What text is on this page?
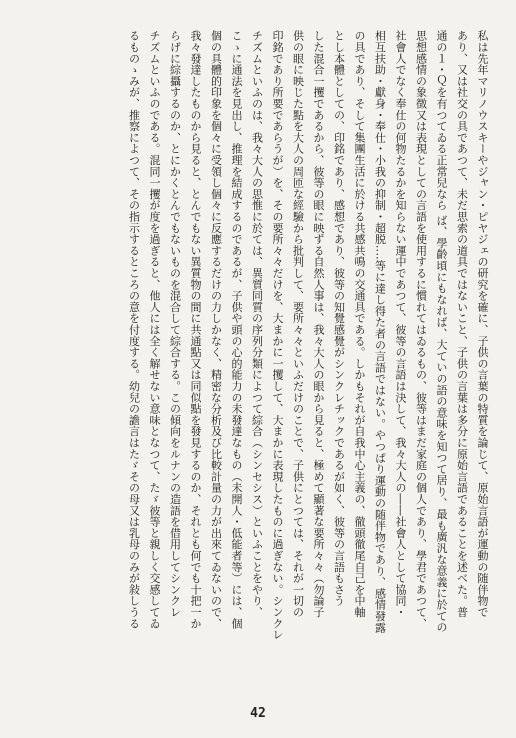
私は先年マリノウスキーやジャン・ピヤジェの研究を確に、子供の言葉の特質を論じて、原始言語が運動の随伴物で
あり、又は社交の具であつて、未だ思索の道具ではないこと、子供の言葉は多分に原始言語であることを述べた。普
通の１・Ｑを有つてゐる正常兒なら ば、學齡頃にもなれば、大ていの語の意味を知つて居り、最も廣汎な意義に於ての
思想感情の象徴又は表現としての言語を使用するに慣れてはゐるもの、彼等はまだ家庭の個人であり、學君であつて、
社會人でなく奉仕の何物たるかを知らない運中であつて、彼等の言語は決して、我々大人の――社會人として協同・
相互扶助・獻身・奉仕・小我の抑制・超脱‥‥等に達し得た者の言語ではない。やつぱり運動の随伴物であり、感情發露
の具であり、そして集團生活に於ける共感共鳴の交通具である。しかもそれが自我中心主義の、徹頭徹尾自己を中軸
とし本體としての、印銘であり、感想であり、彼等の知覺感覺がシンクレチックであるが如く、彼等の言語もさう
した混合一攫であるから、彼等の眼に映ずる自然人事は、我々大人の眼から見ると、極めて顯著な要所々々（勿論子
供の眼に映じた點を大人の周匝な經驗から批判して、要所々々といふだけのことで、子供にとつては、それが一切の
印銘であり所要であらうが）を、その要所々々だけを、大まかに一攫して、大まかに表現したものに過ぎない。シンクレ
チズムといふのは、我々大人の思惟に於ては、異質同質の序列分類によつて綜合（シンセシス）といふことをやり、
こゝに通法を見出し、推理を結成するのであるが、子供や頭の心的能力の未發達なもの（未開人・低能者等）には、個
個の具體的印象を個々に受領し個々に反應するだけの力しかなく、精密な分析及び比較計量の力が出來てゐないので、
我々發達したものから見ると、とんでもない異質物の間に共通點又は同似點を發見するのか、それとも何でも十把一か
らげに綜攝するのか、とにかくとんでもないものを混合して綜合する。この傾向をルナンの造語を借用してシンクレ
チズムといふのである。混同一攫が度を過ぎると、他人には全く解せない意味となつて、たゞ彼等と親しく交感してゐ
るものゝみが、推察によつて、その指示するところの意を付度する。幼兒の譫言はたゞその母又は乳母のみが敍しうる
42
